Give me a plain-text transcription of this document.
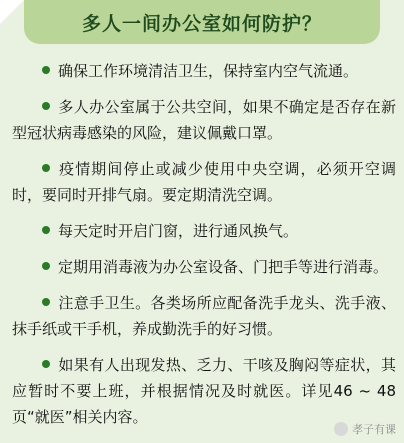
多人一间办公室如何防护？

确保工作环境清洁卫生，保持室内空气流通。

多人办公室属于公共空间，如果不确定是否存在新型冠状病毒感染的风险，建议佩戴口罩。

疫情期间停止或减少使用中央空调，必须开空调时，要同时开排气扇。要定期清洗空调。

每天定时开启门窗，进行通风换气。

定期用消毒液为办公室设备、门把手等进行消毒。

注意手卫生。各类场所应配备洗手龙头、洗手液、抹手纸或干手机，养成勤洗手的好习惯。

如果有人出现发热、乏力、干咳及胸闷等症状，其应暂时不要上班，并根据情况及时就医。详见46 ~ 48 页“就医”相关内容。

孝子有课
